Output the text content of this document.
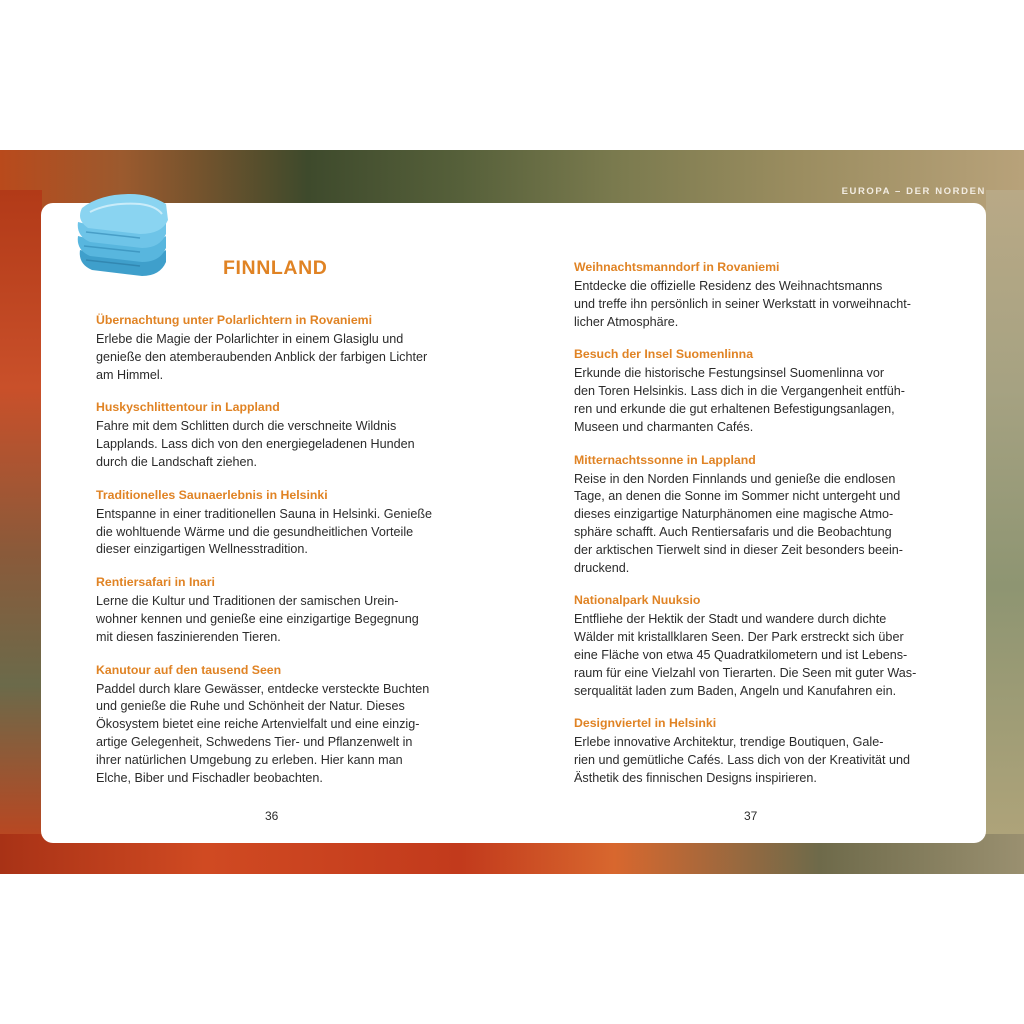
EUROPA – DER NORDEN
FINNLAND
Übernachtung unter Polarlichtern in Rovaniemi

Erlebe die Magie der Polarlichter in einem Glasiglu und
genieße den atemberaubenden Anblick der farbigen Lichter
am Himmel.

Huskyschlittentour in Lappland

Fahre mit dem Schlitten durch die verschneite Wildnis
Lapplands. Lass dich von den energiegeladenen Hunden
durch die Landschaft ziehen.

Traditionelles Saunaerlebnis in Helsinki

Entspanne in einer traditionellen Sauna in Helsinki. Genieße
die wohltuende Wärme und die gesundheitlichen Vorteile
dieser einzigartigen Wellnesstradition.

Rentiersafari in Inari

Lerne die Kultur und Traditionen der samischen Urein-
wohner kennen und genieße eine einzigartige Begegnung
mit diesen faszinierenden Tieren.

Kanutour auf den tausend Seen

Paddel durch klare Gewässer, entdecke versteckte Buchten
und genieße die Ruhe und Schönheit der Natur. Dieses
Ökosystem bietet eine reiche Artenvielfalt und eine einzig-
artige Gelegenheit, Schwedens Tier- und Pflanzenwelt in
ihrer natürlichen Umgebung zu erleben. Hier kann man
Elche, Biber und Fischadler beobachten.

Weihnachtsmanndorf in Rovaniemi

Entdecke die offizielle Residenz des Weihnachtsmanns
und treffe ihn persönlich in seiner Werkstatt in vorweihnacht-
licher Atmosphäre.

Besuch der Insel Suomenlinna

Erkunde die historische Festungsinsel Suomenlinna vor
den Toren Helsinkis. Lass dich in die Vergangenheit entfüh-
ren und erkunde die gut erhaltenen Befestigungsanlagen,
Museen und charmanten Cafés.

Mitternachtssonne in Lappland

Reise in den Norden Finnlands und genieße die endlosen
Tage, an denen die Sonne im Sommer nicht untergeht und
dieses einzigartige Naturphänomen eine magische Atmo-
sphäre schafft. Auch Rentiersafaris und die Beobachtung
der arktischen Tierwelt sind in dieser Zeit besonders beein-
druckend.

Nationalpark Nuuksio

Entfliehe der Hektik der Stadt und wandere durch dichte
Wälder mit kristallklaren Seen. Der Park erstreckt sich über
eine Fläche von etwa 45 Quadratkilometern und ist Lebens-
raum für eine Vielzahl von Tierarten. Die Seen mit guter Was-
serqualität laden zum Baden, Angeln und Kanufahren ein.

Designviertel in Helsinki

Erlebe innovative Architektur, trendige Boutiquen, Gale-
rien und gemütliche Cafés. Lass dich von der Kreativität und
Ästhetik des finnischen Designs inspirieren.

36	37
